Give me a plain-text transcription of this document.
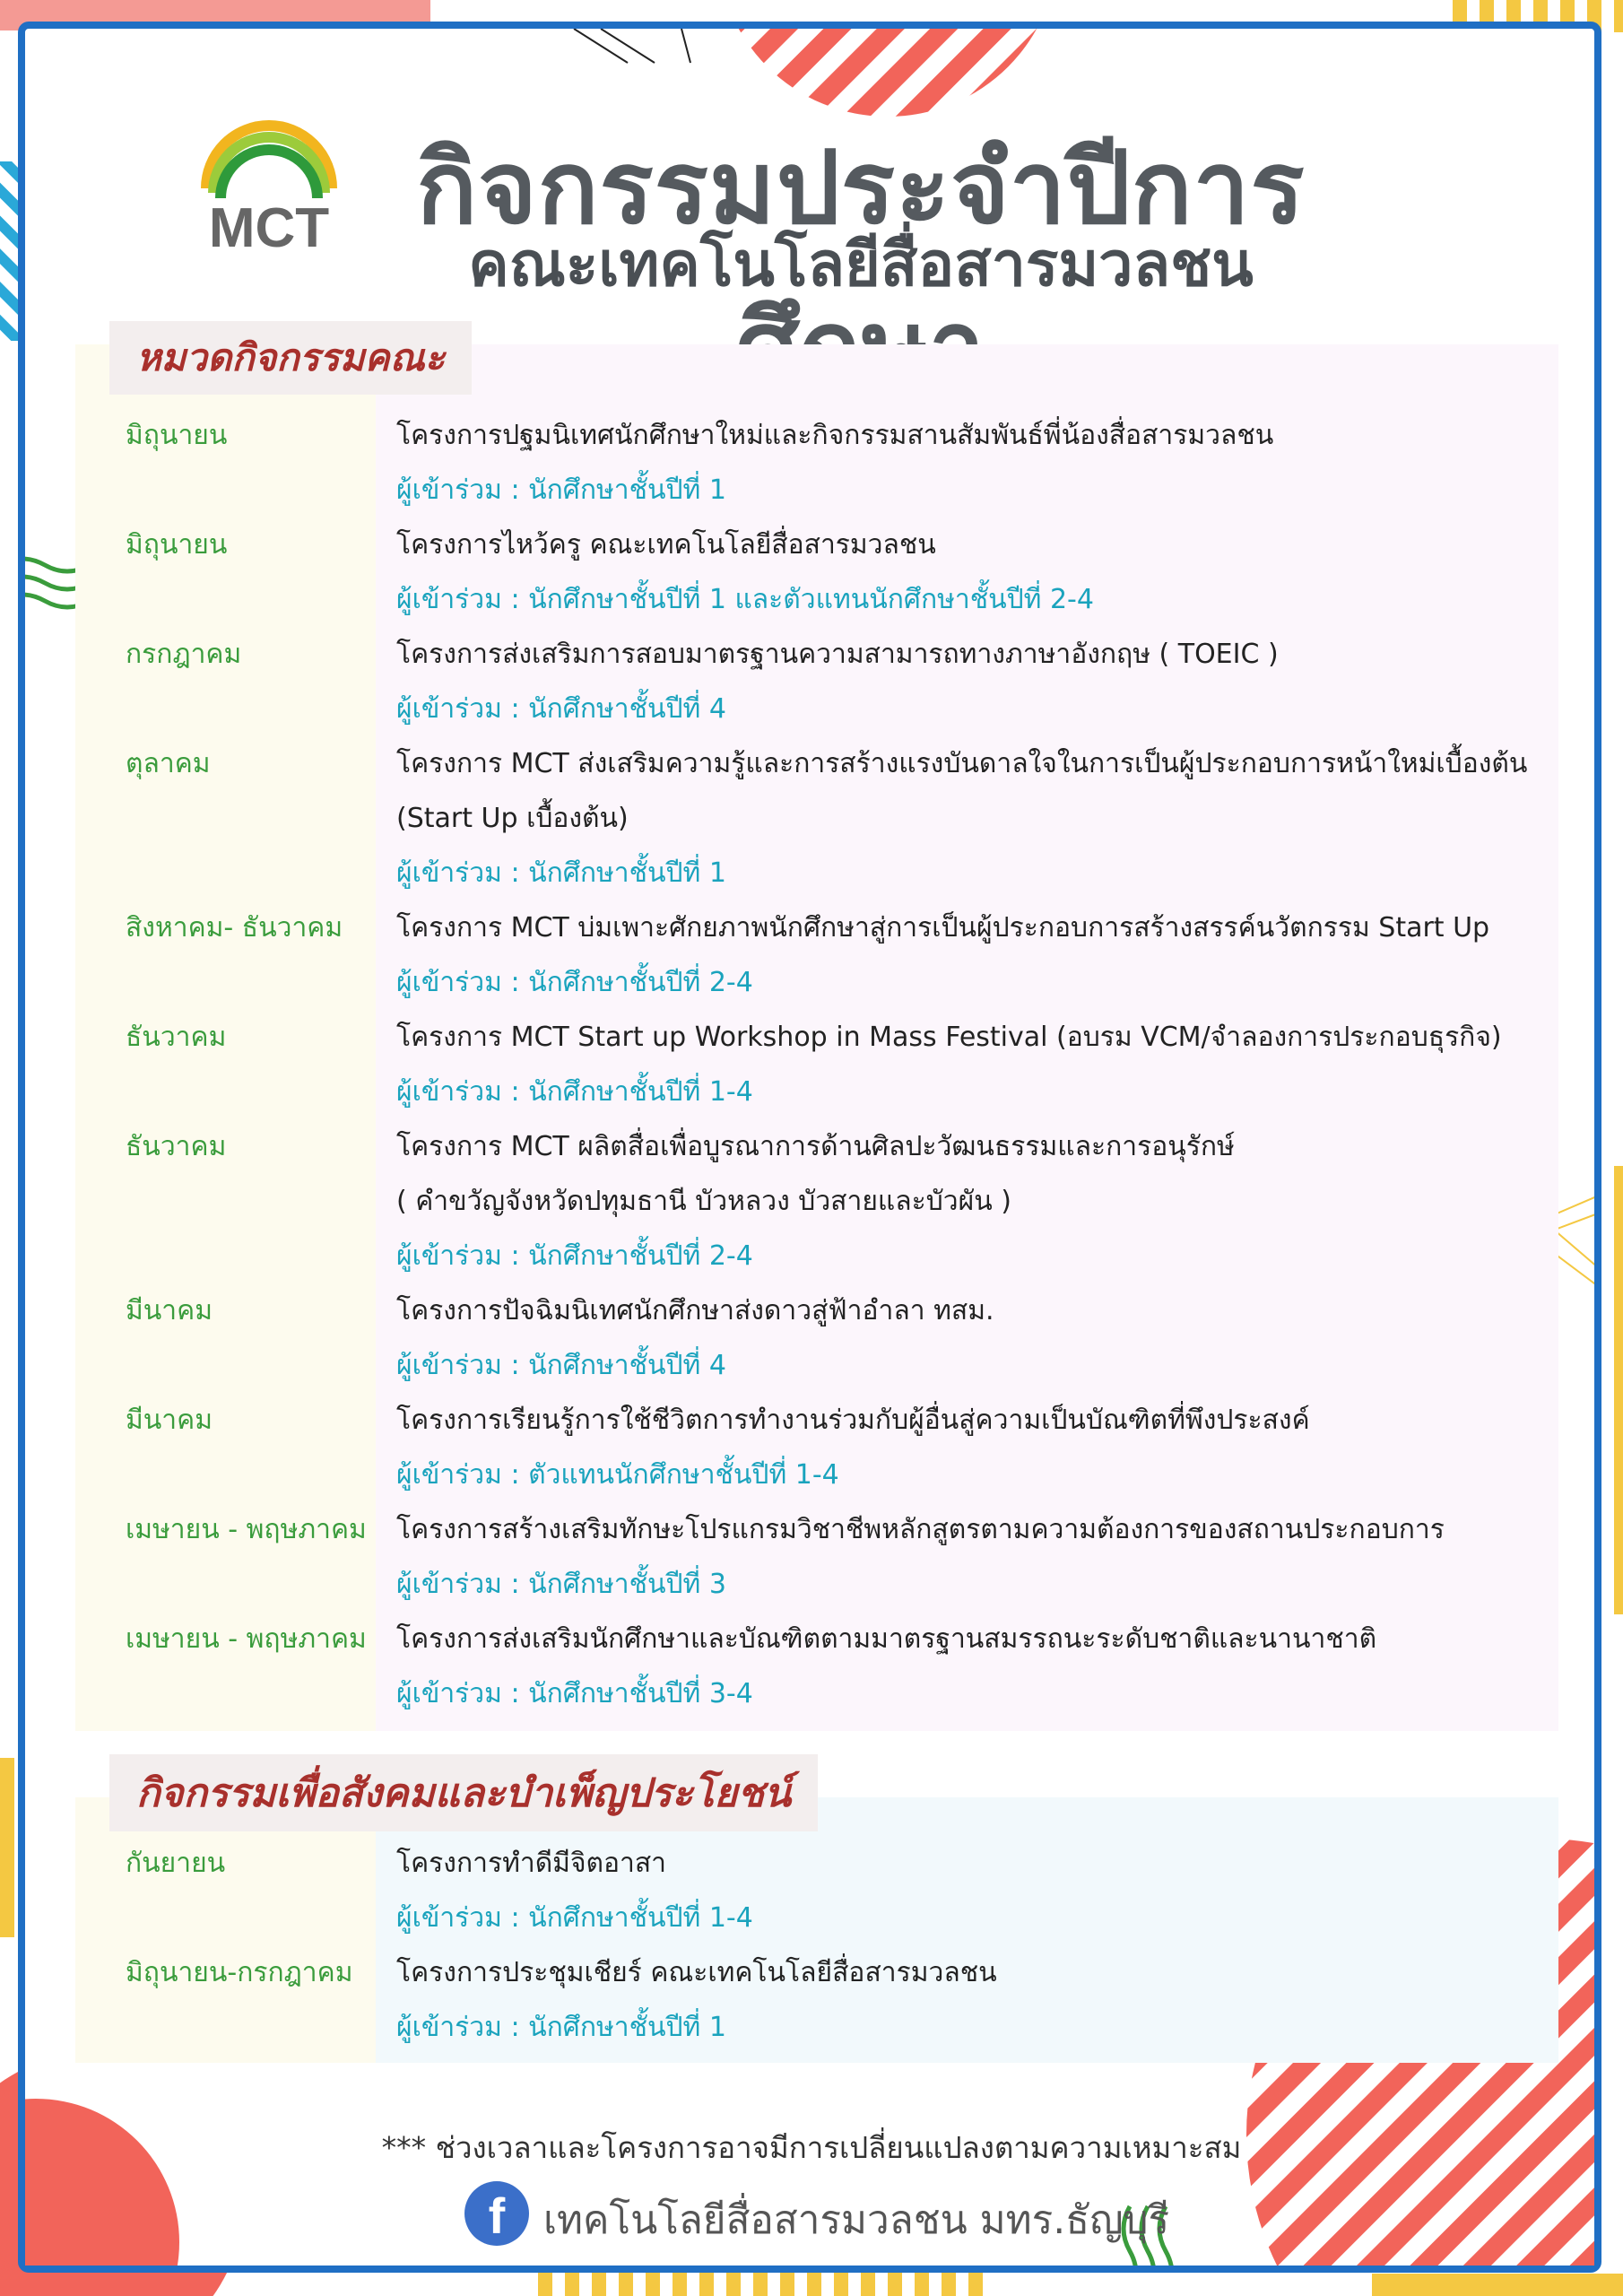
MCT กิจกรรมประจำปีการ
คณะเทคโนโลยีสื่อสารมวลชน
หมวดกิจกรรมคณะ
มิถุนายน	โครงการปฐมนิเทศนักศึกษาใหม่และกิจกรรมสานสัมพันธ์พี่น้องสื่อสารมวลชน
ผู้เข้าร่วม : นักศึกษาชั้นปีที่ 1
มิถุนายน	โครงการไหว้ครู คณะเทคโนโลยีสื่อสารมวลชน
ผู้เข้าร่วม : นักศึกษาชั้นปีที่ 1 และตัวแทนนักศึกษาชั้นปีที่ 2-4
กรกฎาคม	โครงการส่งเสริมการสอบมาตรฐานความสามารถทางภาษาอังกฤษ ( TOEIC )
ผู้เข้าร่วม : นักศึกษาชั้นปีที่ 4
ตุลาคม	โครงการ MCT ส่งเสริมความรู้และการสร้างแรงบันดาลใจในการเป็นผู้ประกอบการหน้าใหม่เบื้องต้น
(Start Up เบื้องต้น)
ผู้เข้าร่วม : นักศึกษาชั้นปีที่ 1
สิงหาคม- ธันวาคม โครงการ MCT บ่มเพาะศักยภาพนักศึกษาสู่การเป็นผู้ประกอบการสร้างสรรค์นวัตกรรม Start Up
ผู้เข้าร่วม : นักศึกษาชั้นปีที่ 2-4
ธันวาคม	โครงการ MCT Start up Workshop in Mass Festival (อบรม VCM/จำลองการประกอบธุรกิจ)
ผู้เข้าร่วม : นักศึกษาชั้นปีที่ 1-4
ธันวาคม	โครงการ MCT ผลิตสื่อเพื่อบูรณาการด้านศิลปะวัฒนธรรมและการอนุรักษ์
( คำขวัญจังหวัดปทุมธานี บัวหลวง บัวสายและบัวผัน )
ผู้เข้าร่วม : นักศึกษาชั้นปีที่ 2-4
มีนาคม	โครงการปัจฉิมนิเทศนักศึกษาส่งดาวสู่ฟ้าอำลา ทสม.
ผู้เข้าร่วม : นักศึกษาชั้นปีที่ 4
มีนาคม	โครงการเรียนรู้การใช้ชีวิตการทำงานร่วมกับผู้อื่นสู่ความเป็นบัณฑิตที่พึงประสงค์
ผู้เข้าร่วม : ตัวแทนนักศึกษาชั้นปีที่ 1-4
เมษายน - พฤษภาคม โครงการสร้างเสริมทักษะโปรแกรมวิชาชีพหลักสูตรตามความต้องการของสถานประกอบการ
ผู้เข้าร่วม : นักศึกษาชั้นปีที่ 3
เมษายน - พฤษภาคม โครงการส่งเสริมนักศึกษาและบัณฑิตตามมาตรฐานสมรรถนะระดับชาติและนานาชาติ
ผู้เข้าร่วม : นักศึกษาชั้นปีที่ 3-4
กิจกรรมเพื่อสังคมและบำเพ็ญประโยชน์
กันยายน	โครงการทำดีมีจิตอาสา
ผู้เข้าร่วม : นักศึกษาชั้นปีที่ 1-4
มิถุนายน-กรกฎาคม โครงการประชุมเชียร์ คณะเทคโนโลยีสื่อสารมวลชน
ผู้เข้าร่วม : นักศึกษาชั้นปีที่ 1
*** ช่วงเวลาและโครงการอาจมีการเปลี่ยนแปลงตามความเหมาะสม
f เทคโนโลยีสื่อสารมวลชน มทร.ธัญบุรี
